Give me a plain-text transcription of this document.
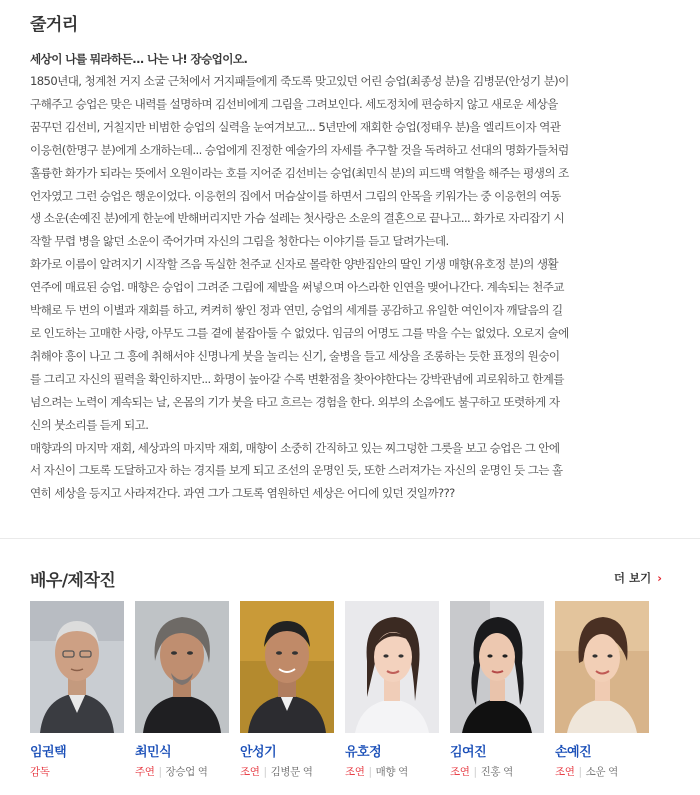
줄거리
세상이 나를 뭐라하든... 나는 나! 장승업이오.
1850년대, 청계천 거지 소굴 근처에서 거지패들에게 죽도록 맞고있던 어린 승업(최종성 분)을 김병문(안성기 분)이
구해주고 승업은 맞은 내력를 설명하며 김선비에게 그림을 그려보인다. 세도정치에 편승하지 않고 새로운 세상을
꿈꾸던 김선비, 거칠지만 비범한 승업의 실력을 눈여겨보고... 5년만에 재회한 승업(정태우 분)을 엘리트이자 역관
이응헌(한명구 분)에게 소개하는데... 승업에게 진정한 예술가의 자세를 추구할 것을 독려하고 선대의 명화가들처럼
훌륭한 화가가 되라는 뜻에서 오원이라는 호를 지어준 김선비는 승업(최민식 분)의 피드백 역할을 해주는 평생의 조
언자였고 그런 승업은 행운이었다. 이응헌의 집에서 머슴살이를 하면서 그림의 안목을 키워가는 중 이응헌의 여동
생 소운(손예진 분)에게 한눈에 반해버리지만 가슴 설레는 첫사랑은 소운의 결혼으로 끝나고... 화가로 자리잡기 시
작할 무렵 병을 앓던 소운이 죽어가며 자신의 그림을 청한다는 이야기를 듣고 달려가는데.
화가로 이름이 알려지기 시작할 즈음 독실한 천주교 신자로 몰락한 양반집안의 딸인 기생 매향(유호정 분)의 생활
연주에 매료된 승업. 매향은 승업이 그려준 그림에 제발을 써넣으며 아스라한 인연을 맺어나간다. 계속되는 천주교
박해로 두 번의 이별과 재회를 하고, 켜켜히 쌓인 정과 연민, 승업의 세계를 공감하고 유일한 여인이자 깨달음의 길
로 인도하는 고매한 사랑, 아무도 그를 곁에 붙잡아둘 수 없었다. 임금의 어명도 그를 막을 수는 없었다. 오로지 술에
취해야 흥이 나고 그 흥에 취해서야 신명나게 붓을 놀리는 신기, 술병을 들고 세상을 조롱하는 듯한 표정의 원숭이
를 그리고 자신의 필력을 확인하지만... 화명이 높아갈 수록 변환점을 찾아야한다는 강박관념에 괴로워하고 한계를
넘으려는 노력이 계속되는 날, 온몸의 기가 붓을 타고 흐르는 경험을 한다. 외부의 소음에도 불구하고 또렷하게 자
신의 붓소리를 듣게 되고.
매향과의 마지막 재회, 세상과의 마지막 재회, 매향이 소중히 간직하고 있는 찌그덩한 그릇을 보고 승업은 그 안에
서 자신이 그토록 도달하고자 하는 경지를 보게 되고 조선의 운명인 듯, 또한 스러져가는 자신의 운명인 듯 그는 홀
연히 세상을 등지고 사라져간다. 과연 그가 그토록 염원하던 세상은 어디에 있던 것일까???
배우/제작진	더 보기 ›
임권택
감독
최민식
주연 | 장승업 역
안성기
조연 | 김병문 역
유호정
조연 | 매향 역
김여진
조연 | 진홍 역
손예진
조연 | 소운 역
